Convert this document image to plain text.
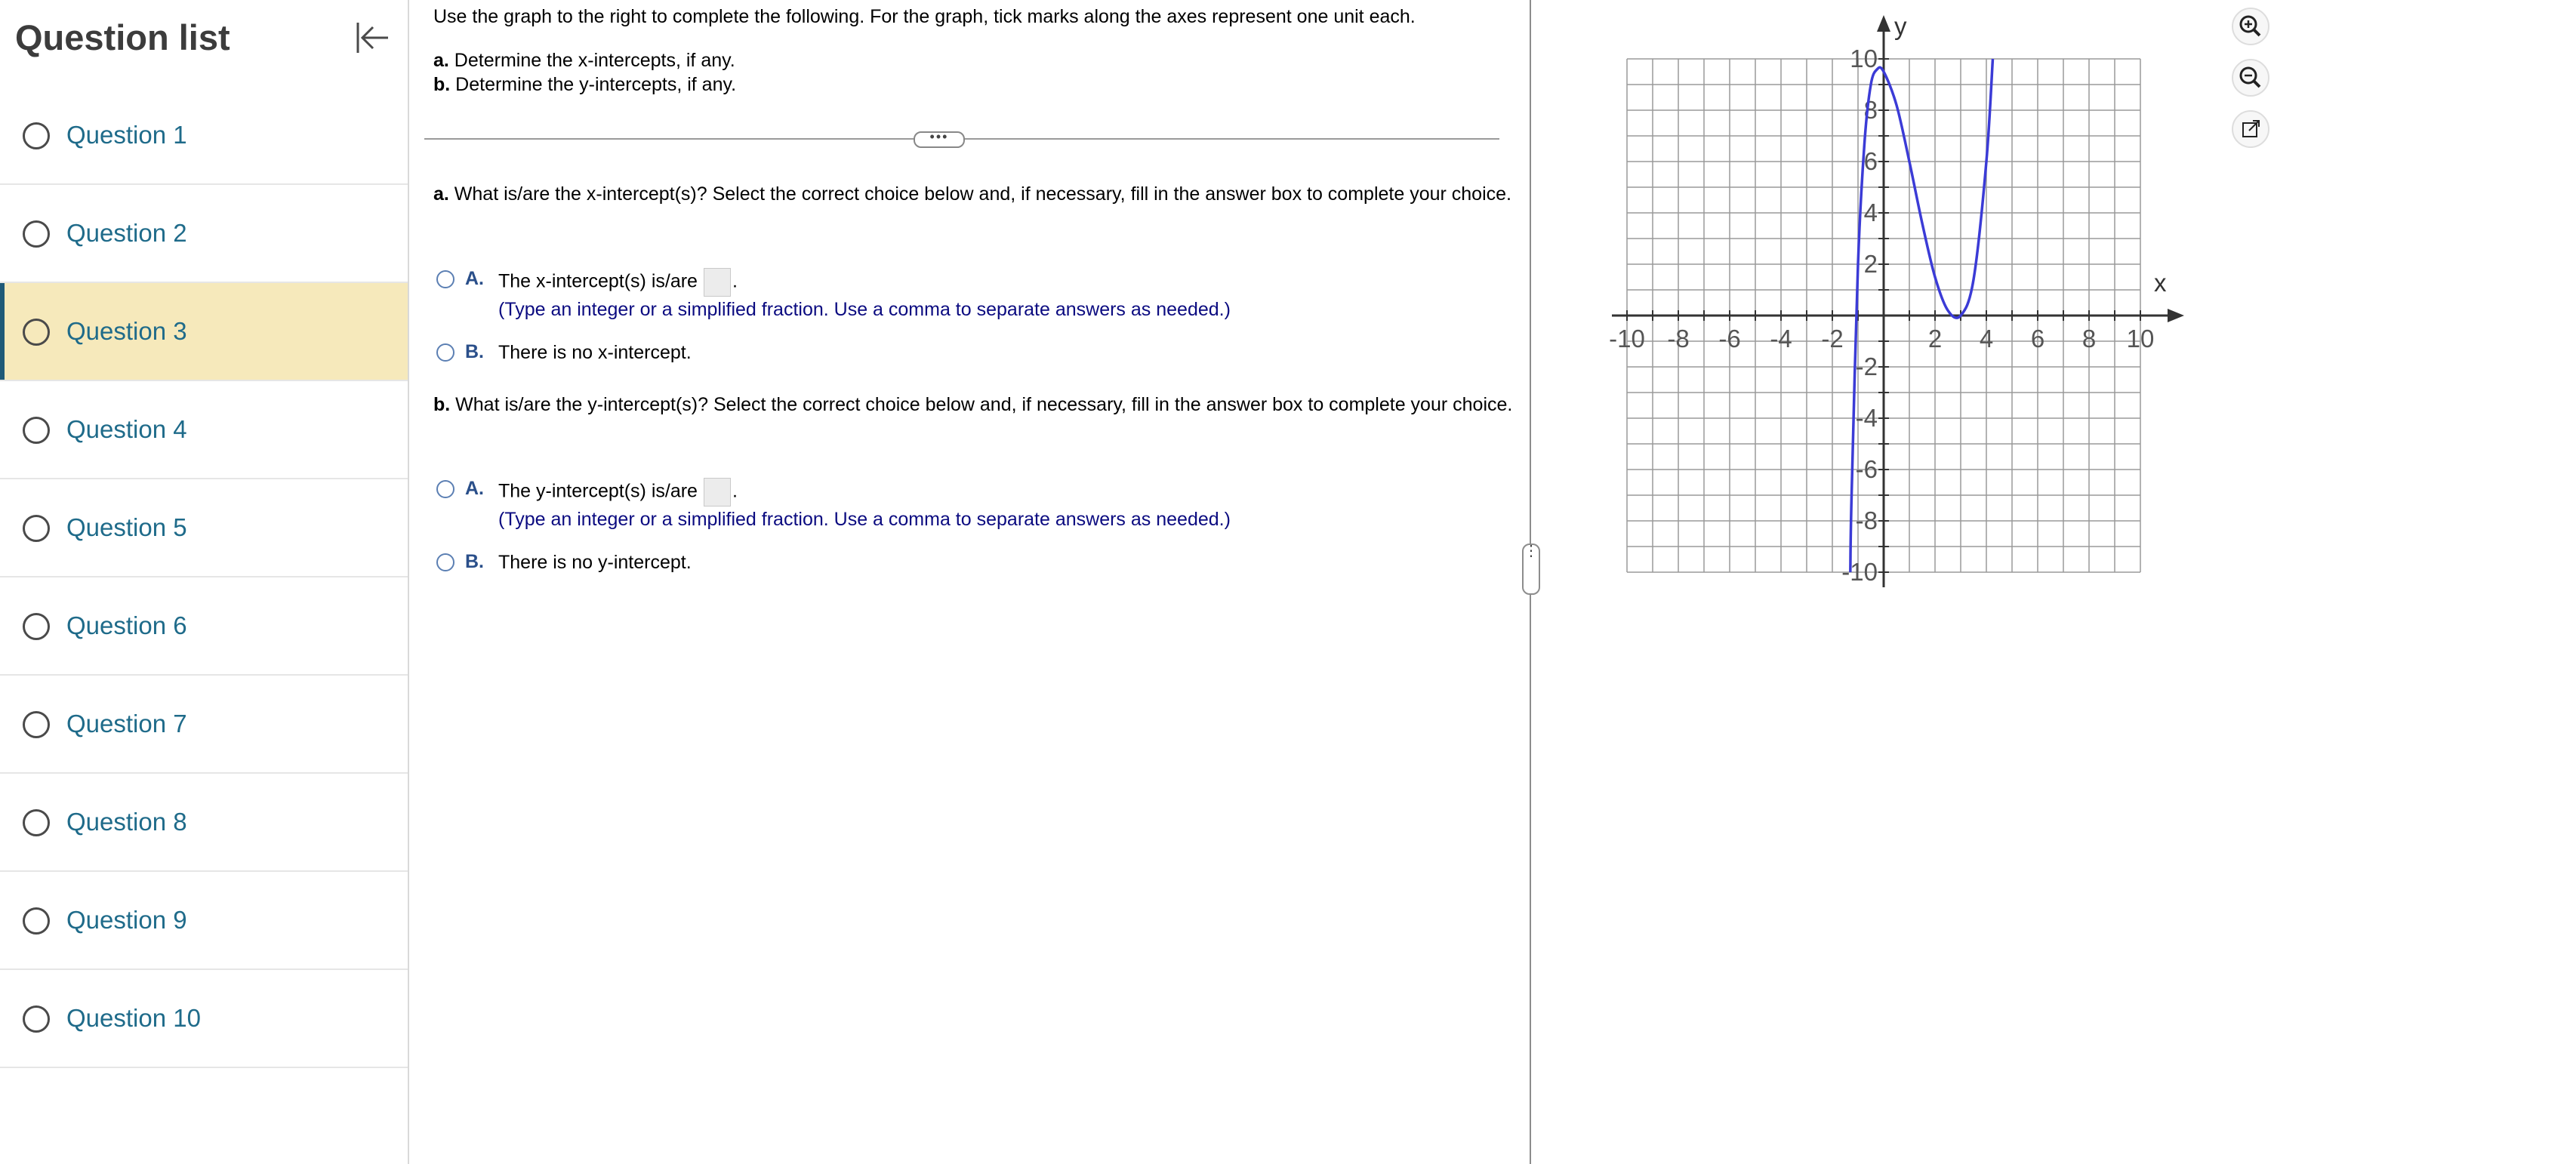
Question list
Question 1
Question 2
Question 3
Question 4
Question 5
Question 6
Question 7
Question 8
Question 9
Question 10
Use the graph to the right to complete the following. For the graph, tick marks along the axes represent one unit each.
a. Determine the x-intercepts, if any.
b. Determine the y-intercepts, if any.
•••
a. What is/are the x-intercept(s)? Select the correct choice below and, if necessary, fill in the answer box to complete your choice.
A. The x-intercept(s) is/are .
(Type an integer or a simplified fraction. Use a comma to separate answers as needed.)
B. There is no x-intercept.
b. What is/are the y-intercept(s)? Select the correct choice below and, if necessary, fill in the answer box to complete your choice.
A. The y-intercept(s) is/are .
(Type an integer or a simplified fraction. Use a comma to separate answers as needed.)
B. There is no y-intercept.
⋮
-10 -8 -6 -4 -2	2 4 6 8 10
10
8
6
4
2
-2
-4
-6
-8
-10
x
y
